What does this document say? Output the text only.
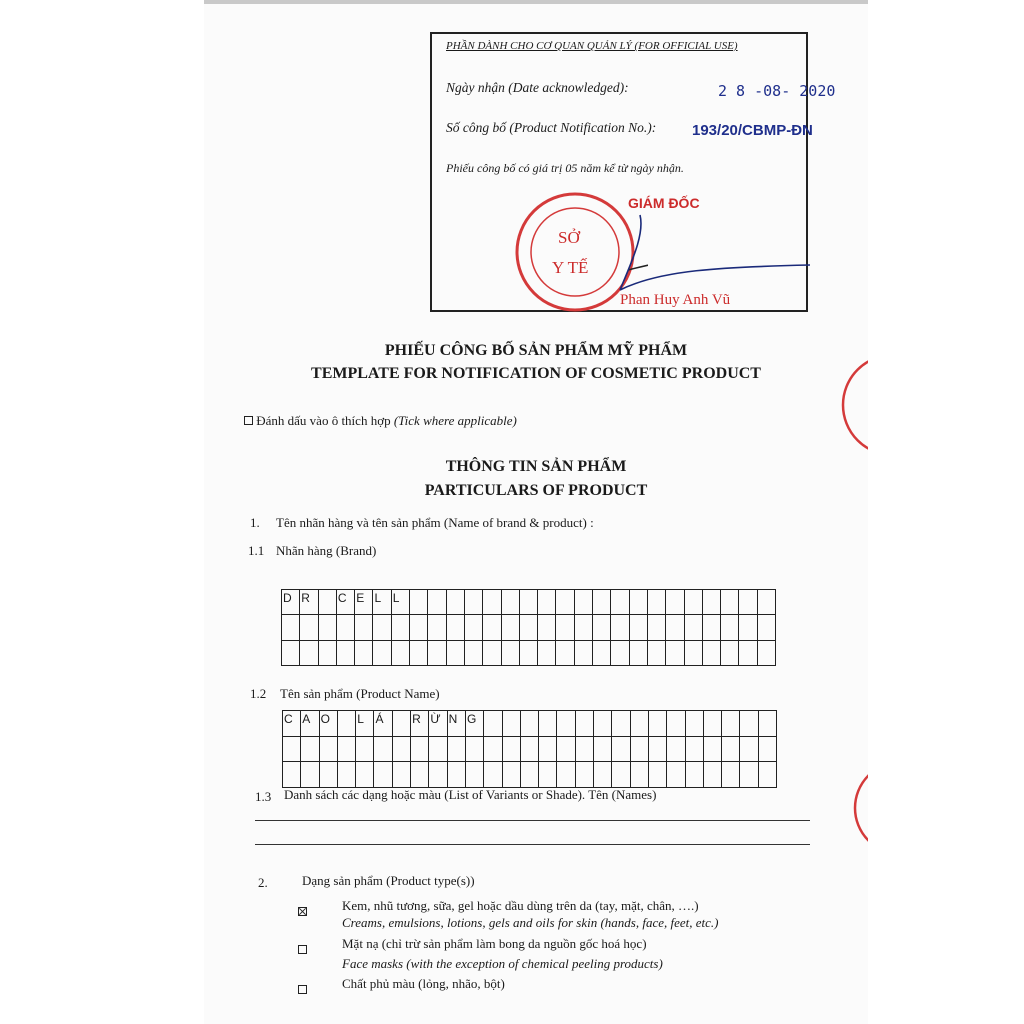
PHẦN DÀNH CHO CƠ QUAN QUẢN LÝ (FOR OFFICIAL USE)
Ngày nhận (Date acknowledged):	2 8 -08- 2020
Số công bố (Product Notification No.): 193/20/CBMP-ĐN
Phiếu công bố có giá trị 05 năm kể từ ngày nhận.
SỞ
Y TẾ
GIÁM ĐỐC
Phan Huy Anh Vũ
PHIẾU CÔNG BỐ SẢN PHẨM MỸ PHẨM
TEMPLATE FOR NOTIFICATION OF COSMETIC PRODUCT
Đánh dấu vào ô thích hợp (Tick where applicable)
THÔNG TIN SẢN PHẨM
PARTICULARS OF PRODUCT
1. Tên nhãn hàng và tên sản phẩm (Name of brand & product) :
1.1 Nhãn hàng (Brand)
D R	C E L L
1.2 Tên sản phẩm (Product Name)
C A O	L Á	R Ừ N G
1.3 Danh sách các dạng hoặc màu (List of Variants or Shade). Tên (Names)
2.	Dạng sản phẩm (Product type(s))
Kem, nhũ tương, sữa, gel hoặc dầu dùng trên da (tay, mặt, chân, ….)
Creams, emulsions, lotions, gels and oils for skin (hands, face, feet, etc.)
Mặt nạ (chỉ trừ sản phẩm làm bong da nguồn gốc hoá học)
Face masks (with the exception of chemical peeling products)
Chất phủ màu (lỏng, nhão, bột)
